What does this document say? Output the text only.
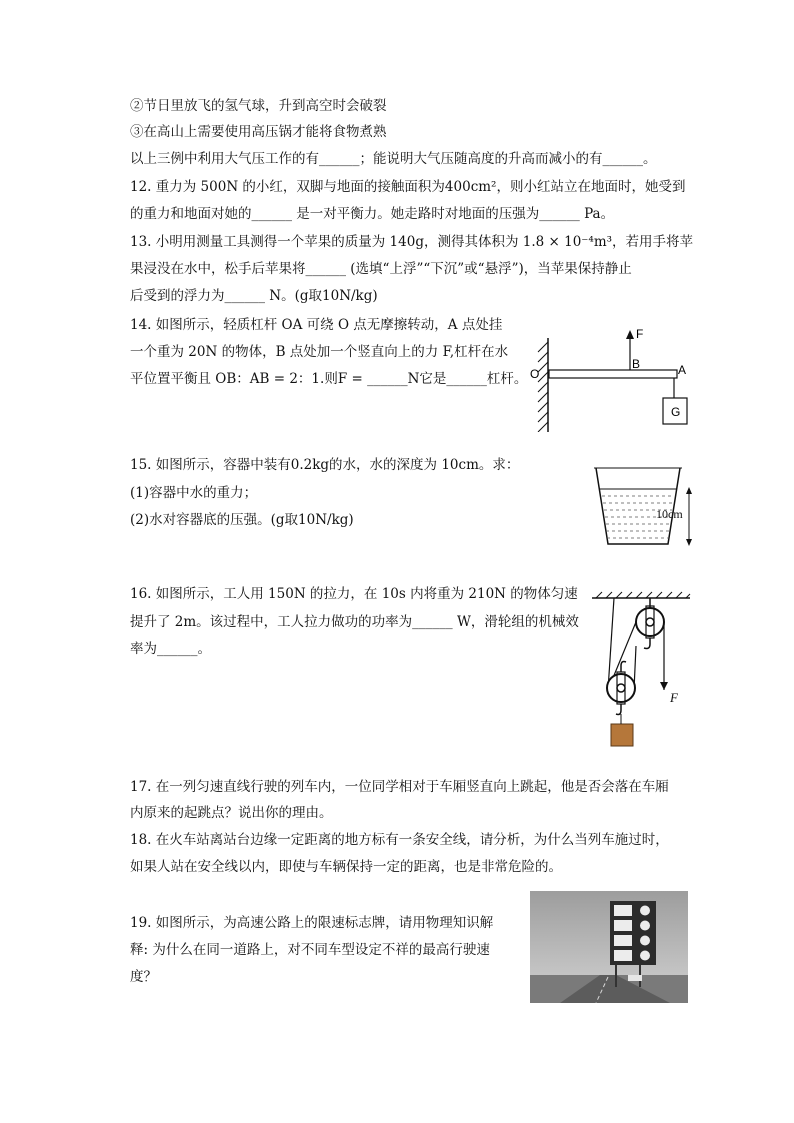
②节日里放飞的氢气球，升到高空时会破裂
③在高山上需要使用高压锅才能将食物煮熟
以上三例中利用大气压工作的有______；能说明大气压随高度的升高而减小的有______。
12. 重力为 500N 的小红，双脚与地面的接触面积为400cm²，则小红站立在地面时，她受到
的重力和地面对她的______ 是一对平衡力。她走路时对地面的压强为______ Pa。
13. 小明用测量工具测得一个苹果的质量为 140g，测得其体积为 1.8 × 10⁻⁴m³，若用手将苹
果浸没在水中，松手后苹果将______ (选填“上浮”“下沉”或“悬浮”)，当苹果保持静止
后受到的浮力为______ N。(g取10N/kg)
14. 如图所示，轻质杠杆 OA 可绕 O 点无摩擦转动，A 点处挂
一个重为 20N 的物体，B 点处加一个竖直向上的力 F,杠杆在水
平位置平衡且 OB：AB = 2：1.则F = ______N它是______杠杆。
15. 如图所示，容器中装有0.2kg的水，水的深度为 10cm。求：
(1)容器中水的重力；
(2)水对容器底的压强。(g取10N/kg)
16. 如图所示，工人用 150N 的拉力，在 10s 内将重为 210N 的物体匀速
提升了 2m。该过程中，工人拉力做功的功率为______ W，滑轮组的机械效
率为______。
17. 在一列匀速直线行驶的列车内，一位同学相对于车厢竖直向上跳起，他是否会落在车厢
内原来的起跳点？说出你的理由。
18. 在火车站离站台边缘一定距离的地方标有一条安全线，请分析，为什么当列车施过时，
如果人站在安全线以内，即使与车辆保持一定的距离，也是非常危险的。
19. 如图所示，为高速公路上的限速标志牌，请用物理知识解
释: 为什么在同一道路上，对不同车型设定不祥的最高行驶速
度？
O
F
B	A
G
10cm
F
